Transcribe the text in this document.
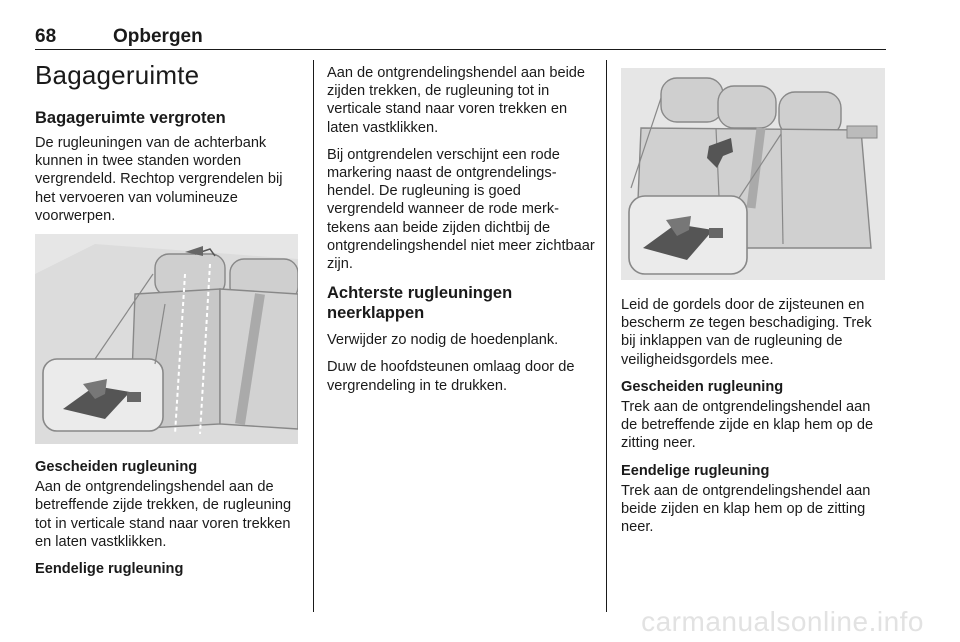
68	Opbergen
Bagageruimte
Bagageruimte vergroten

De rugleuningen van de achterbank kunnen in twee standen worden vergrendeld. Rechtop vergrendelen bij het vervoeren van volumineuze voorwerpen.

Gescheiden rugleuning

Aan de ontgrendelingshendel aan de betreffende zijde trekken, de rugleuning tot in verticale stand naar voren trekken en laten vastklikken.

Eendelige rugleuning

Aan de ontgrendelingshendel aan beide zijden trekken, de rugleuning tot in verticale stand naar voren trekken en laten vastklikken.

Bij ontgrendelen verschijnt een rode markering naast de ontgrendelingshendel. De rugleuning is goed vergrendeld wanneer de rode merktekens aan beide zijden dichtbij de ontgrendelingshendel niet meer zichtbaar zijn.

Achterste rugleuningen neerklappen

Verwijder zo nodig de hoedenplank.

Duw de hoofdsteunen omlaag door de vergrendeling in te drukken.

Leid de gordels door de zijsteunen en bescherm ze tegen beschadiging. Trek bij inklappen van de rugleuning de veiligheidsgordels mee.

Gescheiden rugleuning

Trek aan de ontgrendelingshendel aan de betreffende zijde en klap hem op de zitting neer.

Eendelige rugleuning

Trek aan de ontgrendelingshendel aan beide zijden en klap hem op de zitting neer.

carmanualsonline.info
